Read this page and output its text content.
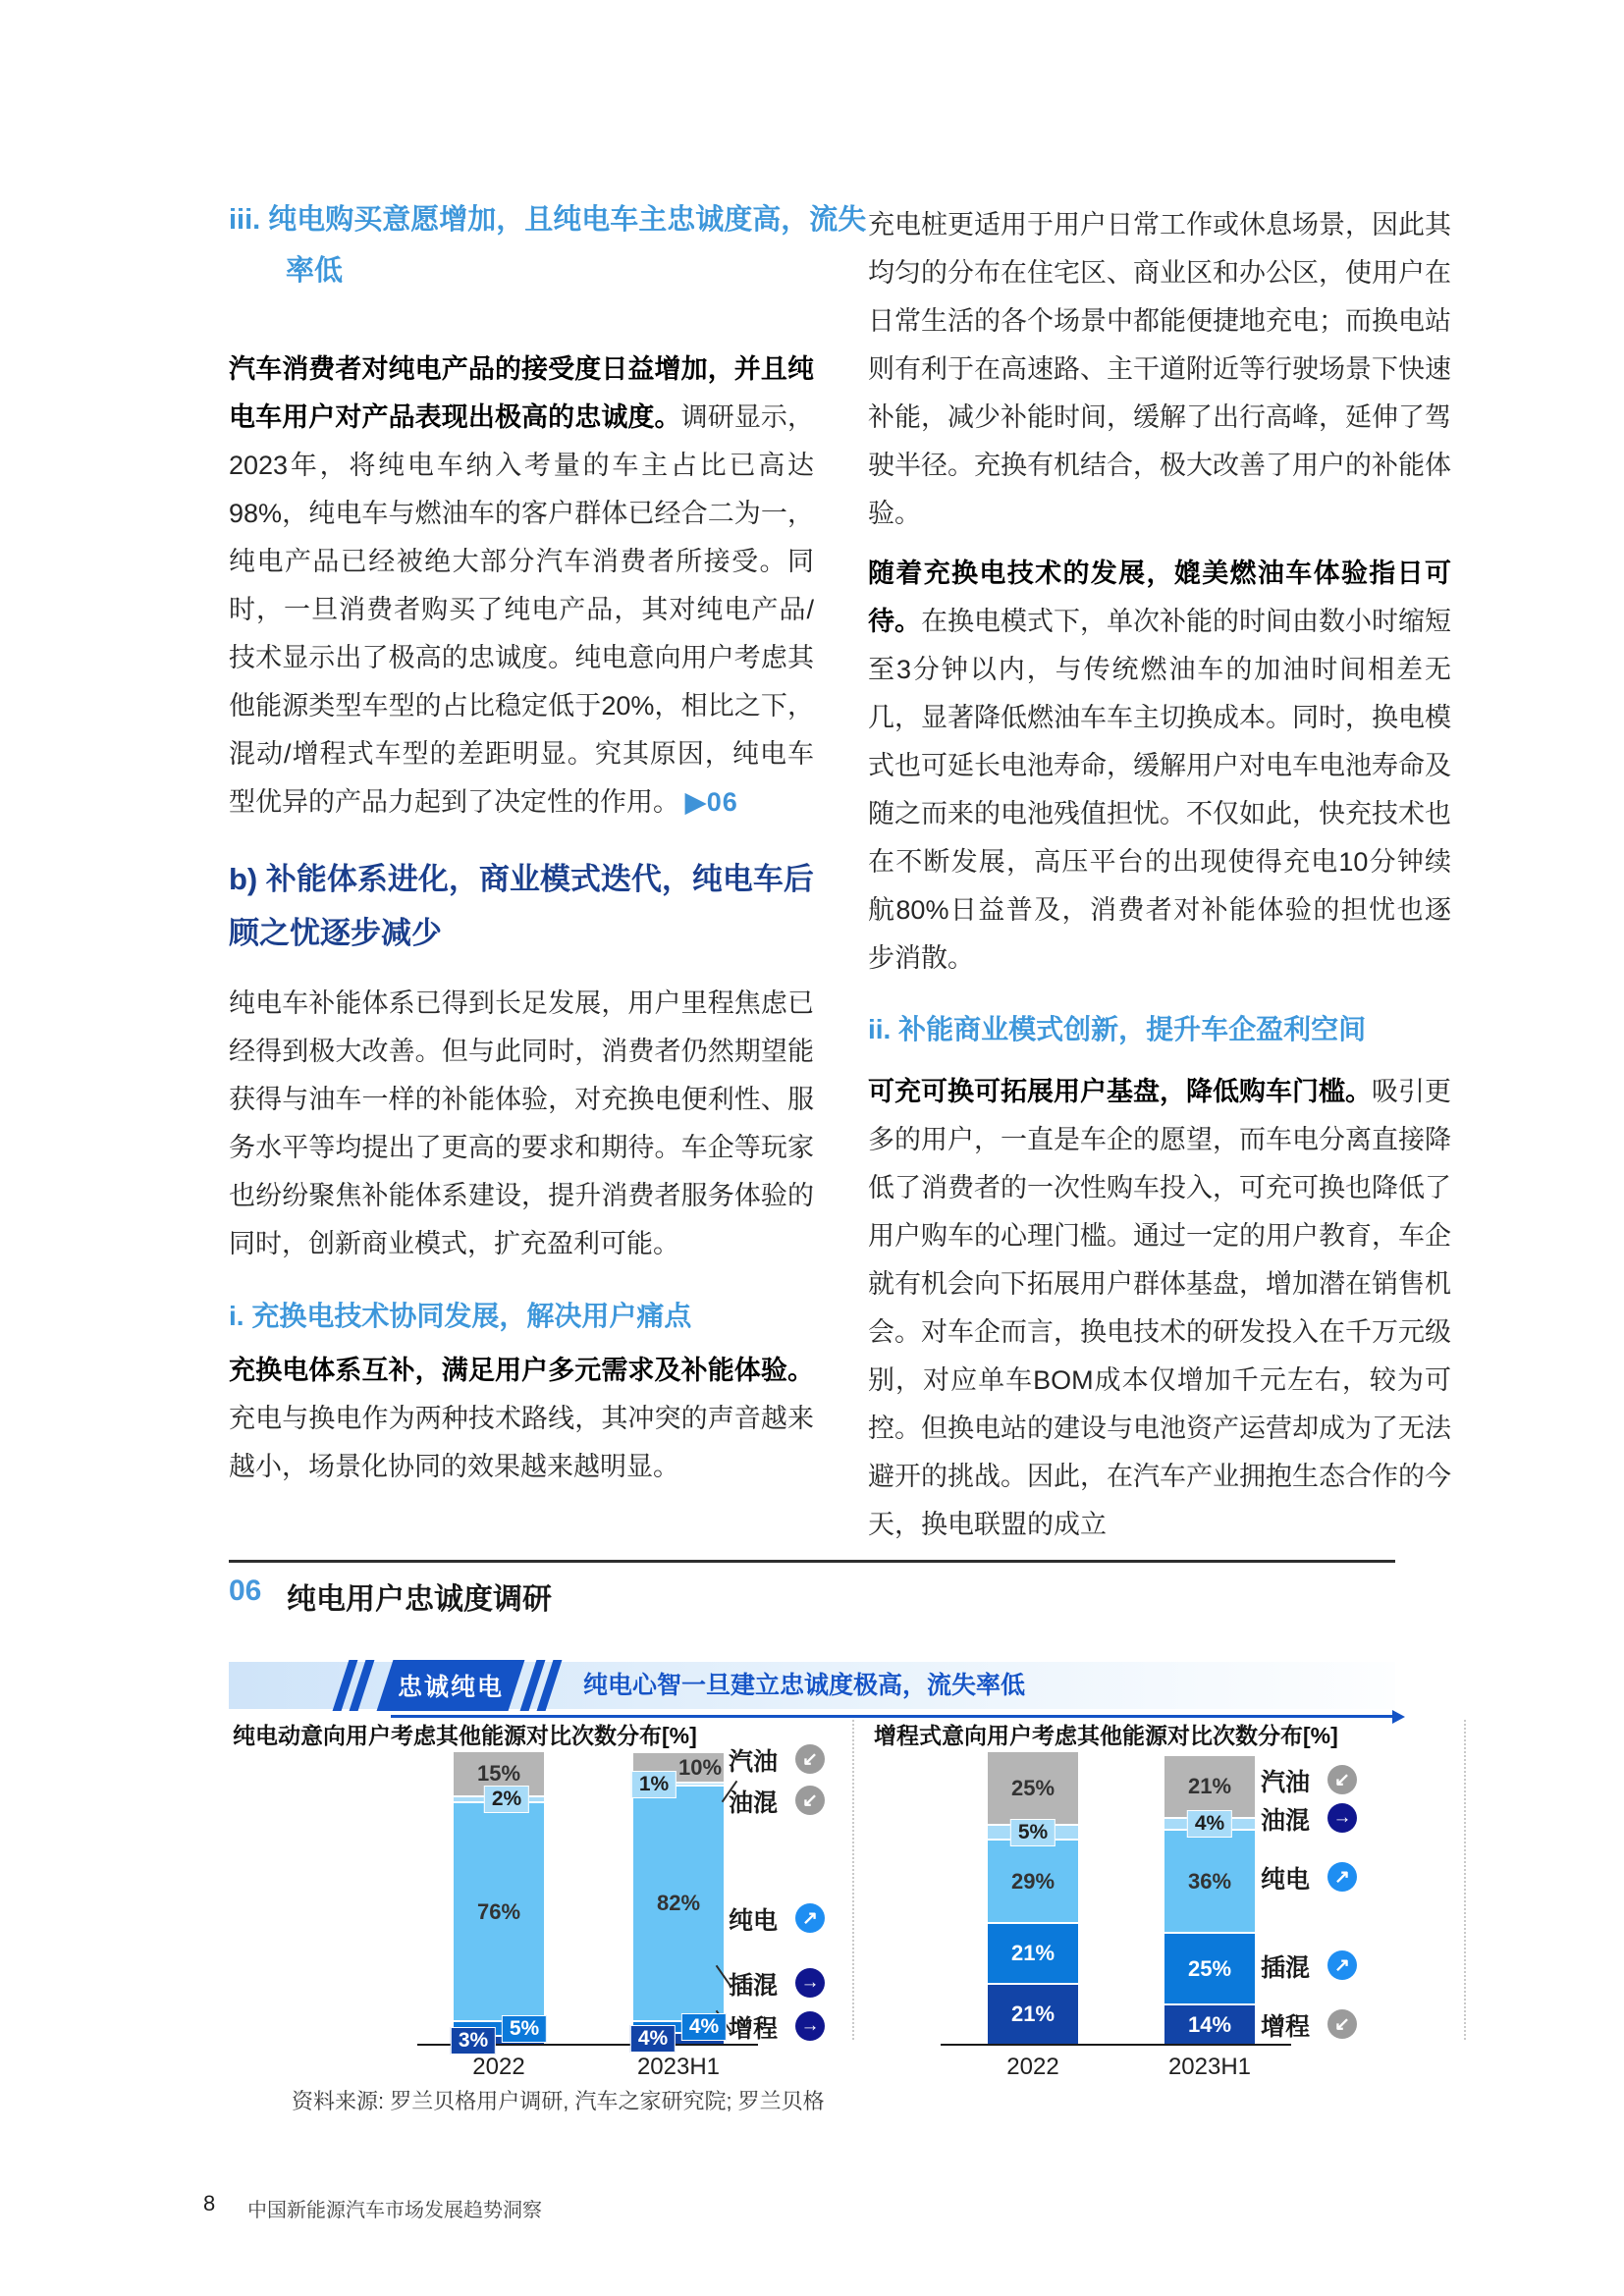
iii. 纯电购买意愿增加，且纯电车主忠诚度高，流失率低

汽车消费者对纯电产品的接受度日益增加，并且纯电车用户对产品表现出极高的忠诚度。调研显示，2023年，将纯电车纳入考量的车主占比已高达98%，纯电车与燃油车的客户群体已经合二为一，纯电产品已经被绝大部分汽车消费者所接受。同时，一旦消费者购买了纯电产品，其对纯电产品/技术显示出了极高的忠诚度。纯电意向用户考虑其他能源类型车型的占比稳定低于20%，相比之下，混动/增程式车型的差距明显。究其原因，纯电车型优异的产品力起到了决定性的作用。 ▶06

b) 补能体系进化，商业模式迭代，纯电车后顾之忧逐步减少

纯电车补能体系已得到长足发展，用户里程焦虑已经得到极大改善。但与此同时，消费者仍然期望能获得与油车一样的补能体验，对充换电便利性、服务水平等均提出了更高的要求和期待。车企等玩家也纷纷聚焦补能体系建设，提升消费者服务体验的同时，创新商业模式，扩充盈利可能。

i. 充换电技术协同发展，解决用户痛点

充换电体系互补，满足用户多元需求及补能体验。充电与换电作为两种技术路线，其冲突的声音越来越小，场景化协同的效果越来越明显。

充电桩更适用于用户日常工作或休息场景，因此其均匀的分布在住宅区、商业区和办公区，使用户在日常生活的各个场景中都能便捷地充电；而换电站则有利于在高速路、主干道附近等行驶场景下快速补能，减少补能时间，缓解了出行高峰，延伸了驾驶半径。充换有机结合，极大改善了用户的补能体验。

随着充换电技术的发展，媲美燃油车体验指日可待。在换电模式下，单次补能的时间由数小时缩短至3分钟以内，与传统燃油车的加油时间相差无几，显著降低燃油车车主切换成本。同时，换电模式也可延长电池寿命，缓解用户对电车电池寿命及随之而来的电池残值担忧。不仅如此，快充技术也在不断发展，高压平台的出现使得充电10分钟续航80%日益普及，消费者对补能体验的担忧也逐步消散。

ii. 补能商业模式创新，提升车企盈利空间

可充可换可拓展用户基盘，降低购车门槛。吸引更多的用户，一直是车企的愿望，而车电分离直接降低了消费者的一次性购车投入，可充可换也降低了用户购车的心理门槛。通过一定的用户教育，车企就有机会向下拓展用户群体基盘，增加潜在销售机会。对车企而言，换电技术的研发投入在千万元级别，对应单车BOM成本仅增加千元左右，较为可控。但换电站的建设与电池资产运营却成为了无法避开的挑战。因此，在汽车产业拥抱生态合作的今天，换电联盟的成立

06 纯电用户忠诚度调研
忠诚纯电	纯电心智一旦建立忠诚度极高，流失率低
纯电动意向用户考虑其他能源对比次数分布[%]
15%
2%
76%
5%
3%
2022
10%
1%
82%
4%
4%
2023H1
汽油	↙
油混	↙
纯电	↗
插混 →
增程 →
增程式意向用户考虑其他能源对比次数分布[%]
25%
5%
29%
21%
21%
2022
21%
4%
36%
25%
14%
2023H1
汽油	↙
油混 →
纯电	↗
插混	↗
增程	↙
资料来源: 罗兰贝格用户调研, 汽车之家研究院; 罗兰贝格
8 中国新能源汽车市场发展趋势洞察
